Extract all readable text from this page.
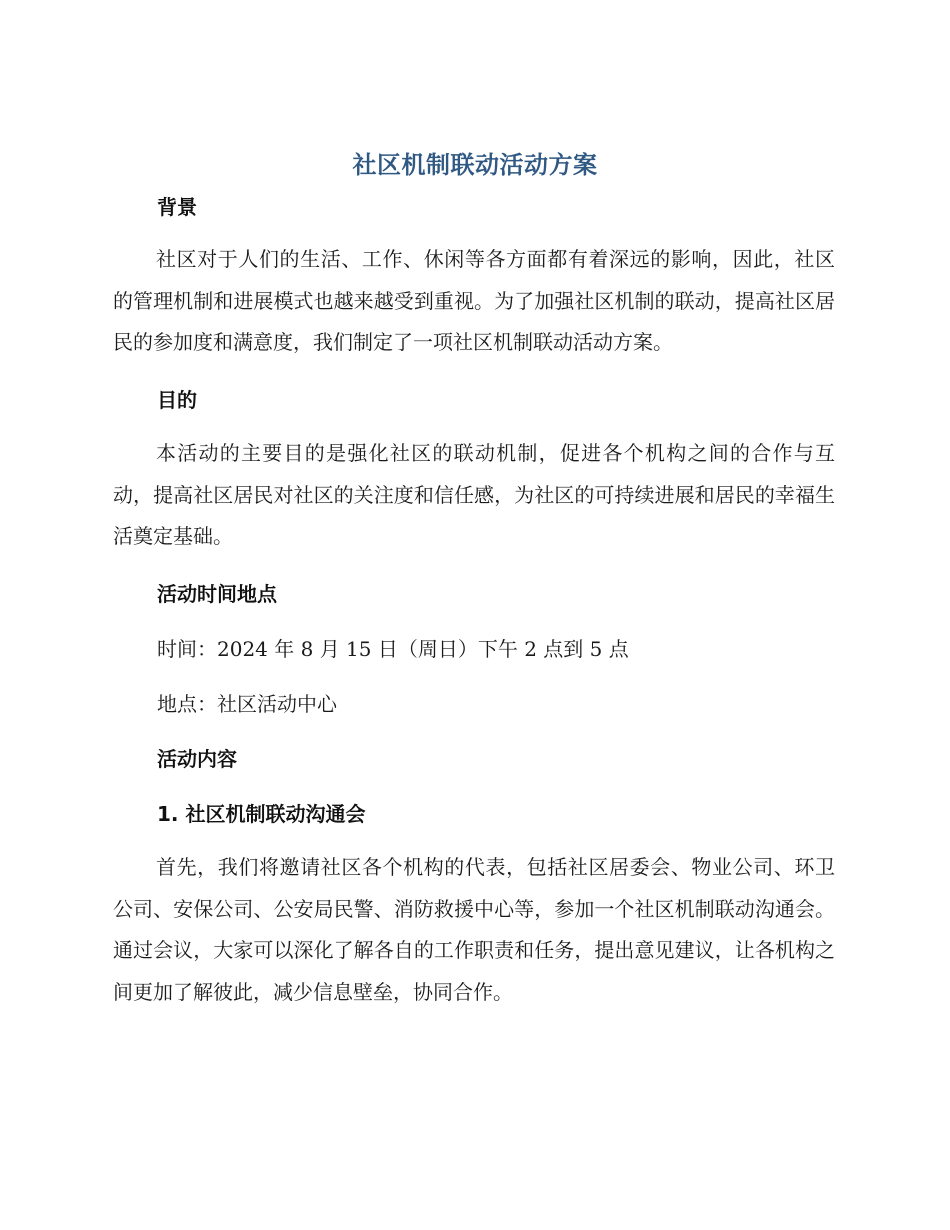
社区机制联动活动方案
背景

社区对于人们的生活、工作、休闲等各方面都有着深远的影响，因此，社区的管理机制和进展模式也越来越受到重视。为了加强社区机制的联动，提高社区居民的参加度和满意度，我们制定了一项社区机制联动活动方案。

目的

本活动的主要目的是强化社区的联动机制，促进各个机构之间的合作与互动，提高社区居民对社区的关注度和信任感，为社区的可持续进展和居民的幸福生活奠定基础。

活动时间地点
时间：2024 年 8 月 15 日（周日）下午 2 点到 5 点
地点：社区活动中心
活动内容
1. 社区机制联动沟通会

首先，我们将邀请社区各个机构的代表，包括社区居委会、物业公司、环卫公司、安保公司、公安局民警、消防救援中心等，参加一个社区机制联动沟通会。通过会议，大家可以深化了解各自的工作职责和任务，提出意见建议，让各机构之间更加了解彼此，减少信息壁垒，协同合作。
